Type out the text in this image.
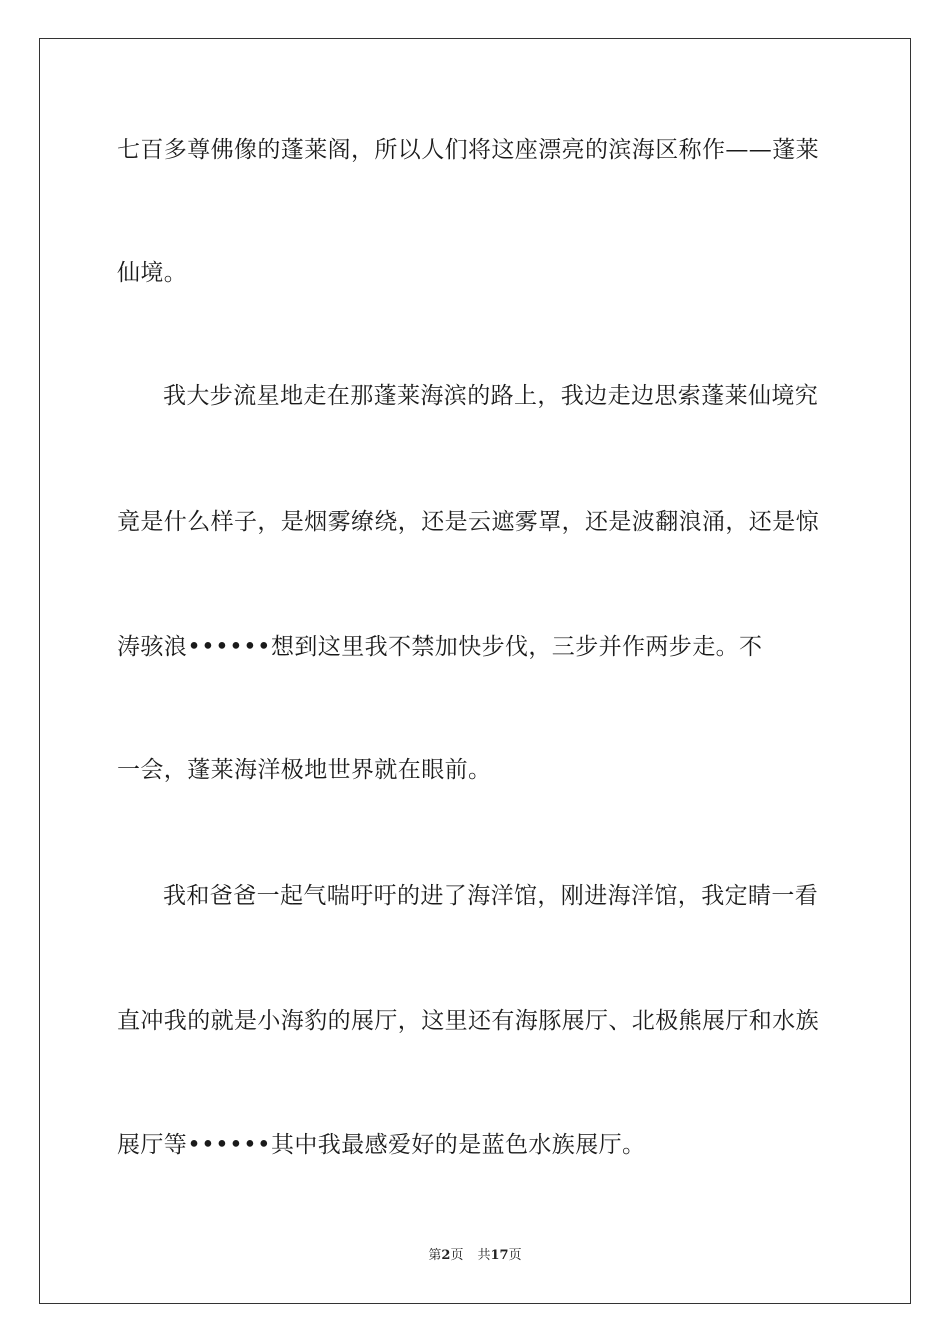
七百多尊佛像的蓬莱阁，所以人们将这座漂亮的滨海区称作——蓬莱
仙境。
我大步流星地走在那蓬莱海滨的路上，我边走边思索蓬莱仙境究
竟是什么样子，是烟雾缭绕，还是云遮雾罩，还是波翻浪涌，还是惊
涛骇浪••••••想到这里我不禁加快步伐，三步并作两步走。不
一会，蓬莱海洋极地世界就在眼前。
我和爸爸一起气喘吁吁的进了海洋馆，刚进海洋馆，我定睛一看
直冲我的就是小海豹的展厅，这里还有海豚展厅、北极熊展厅和水族
展厅等••••••其中我最感爱好的是蓝色水族展厅。
第2页 共17页
